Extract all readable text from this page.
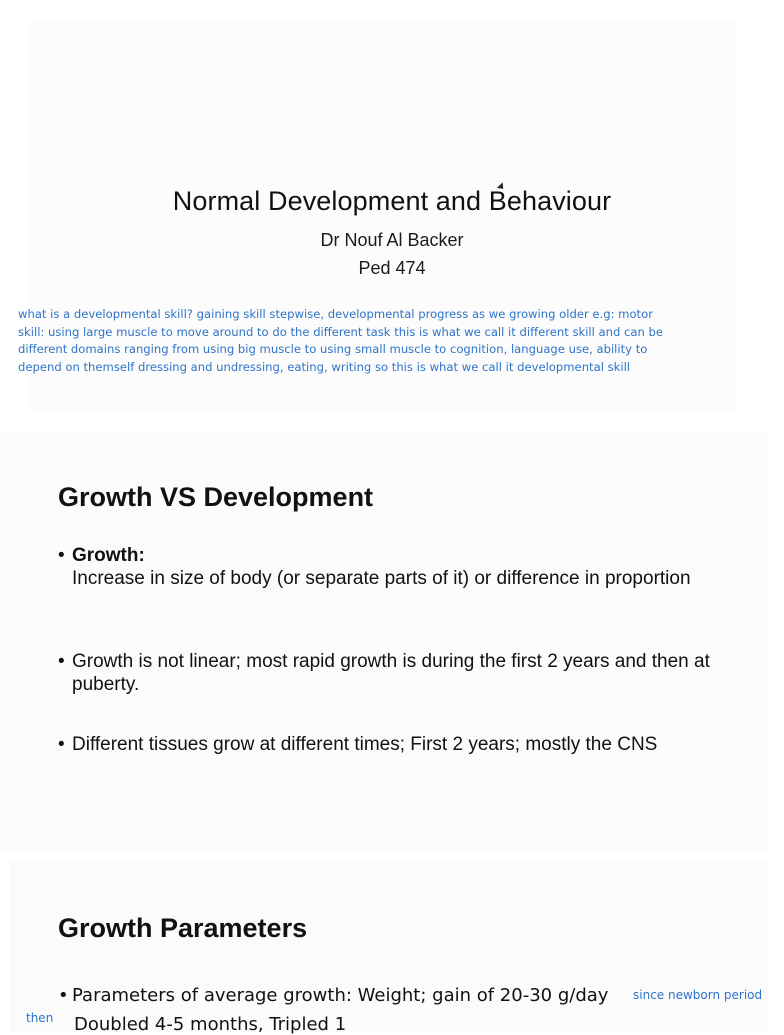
Normal Development and Behaviour
Dr Nouf Al Backer
Ped 474
what is a developmental skill? gaining skill stepwise, developmental progress as we growing older e.g: motor skill: using large muscle to move around to do the different task this is what we call it different skill and can be different domains ranging from using big muscle to using small muscle to cognition, language use, ability to depend on themself dressing and undressing, eating, writing so this is what we call it developmental skill
Growth VS Development
• Growth:
Increase in size of body (or separate parts of it) or difference in proportion
• Growth is not linear; most rapid growth is during the first 2 years and then at puberty.
• Different tissues grow at different times; First 2 years; mostly the CNS
Growth Parameters
• Parameters of average growth: Weight; gain of 20-30 g/day	since newborn period
then Doubled 4-5 months, Tripled 1
